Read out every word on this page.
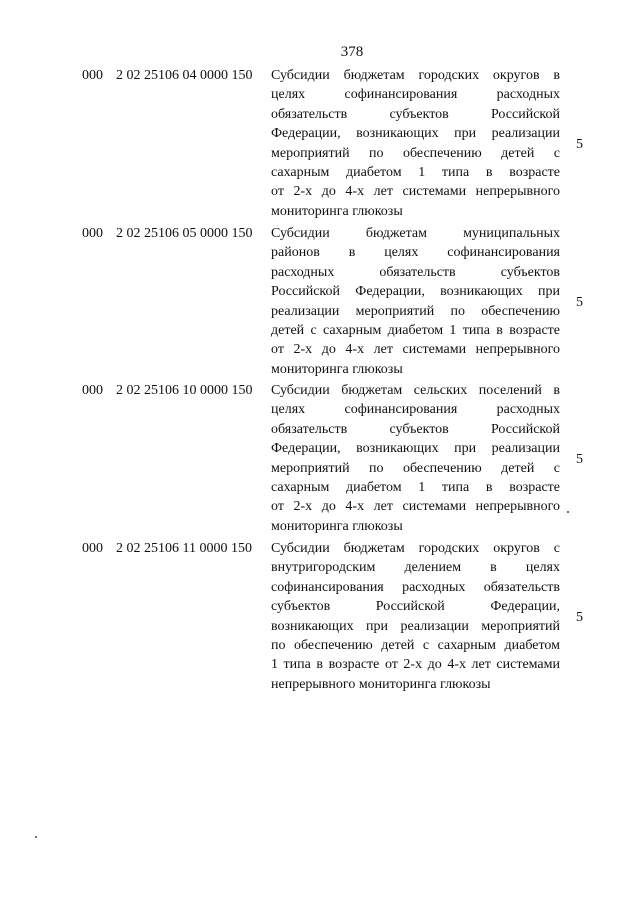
378
000 2 02 25106 04 0000 150 Субсидии бюджетам городских округов в
целях софинансирования расходных
обязательств субъектов Российской
Федерации, возникающих при реализации
мероприятий по обеспечению детей с
сахарным диабетом 1 типа в возрасте
от 2-х до 4-х лет системами непрерывного
мониторинга глюкозы
5
000 2 02 25106 05 0000 150 Субсидии бюджетам муниципальных
районов в целях софинансирования
расходных обязательств субъектов
Российской Федерации, возникающих при
реализации мероприятий по обеспечению
детей с сахарным диабетом 1 типа в возрасте
от 2-х до 4-х лет системами непрерывного
мониторинга глюкозы
5
000 2 02 25106 10 0000 150 Субсидии бюджетам сельских поселений в
целях софинансирования расходных
обязательств субъектов Российской
Федерации, возникающих при реализации
мероприятий по обеспечению детей с
сахарным диабетом 1 типа в возрасте
от 2-х до 4-х лет системами непрерывного
мониторинга глюкозы
5
000 2 02 25106 11 0000 150 Субсидии бюджетам городских округов с
внутригородским делением в целях
софинансирования расходных обязательств
субъектов Российской Федерации,
возникающих при реализации мероприятий
по обеспечению детей с сахарным диабетом
1 типа в возрасте от 2-х до 4-х лет системами
непрерывного мониторинга глюкозы
5
